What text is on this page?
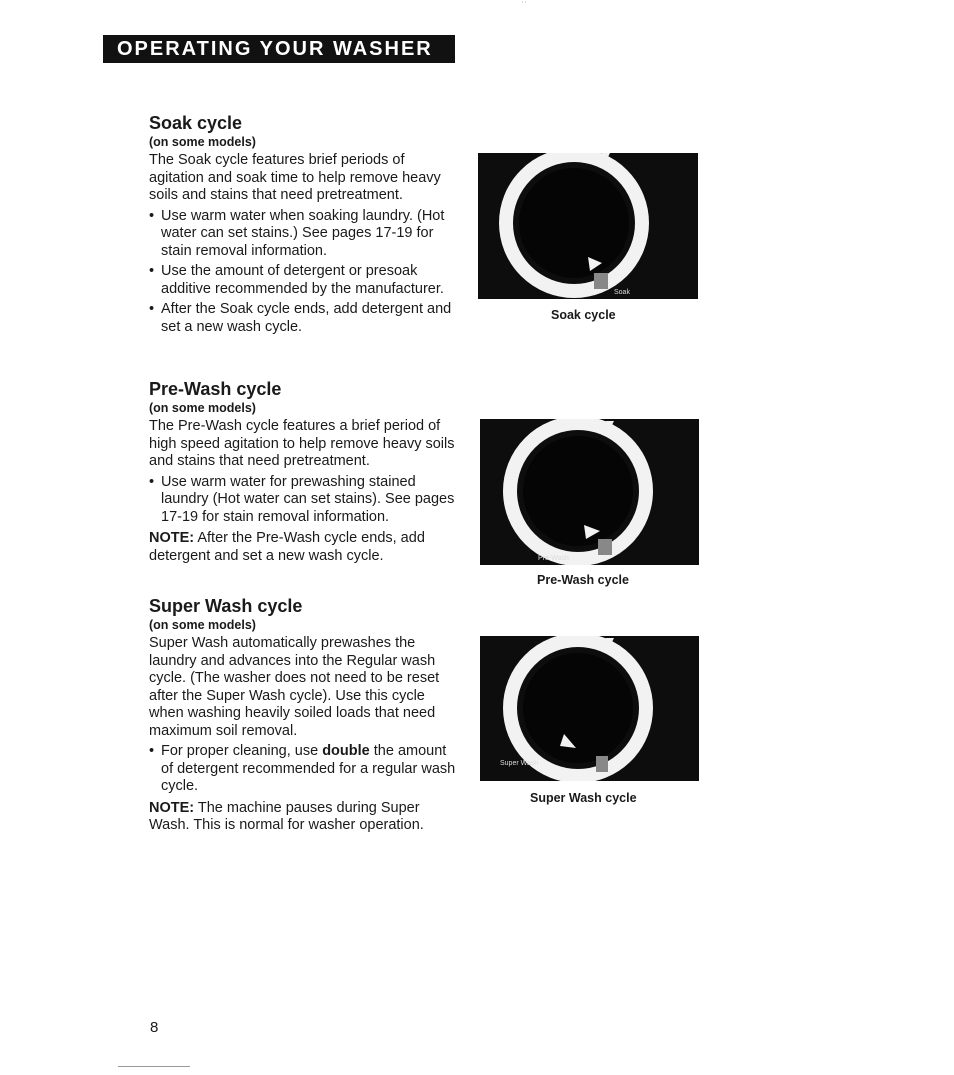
' '
OPERATING YOUR WASHER
Soak cycle
(on some models)

The Soak cycle features brief periods of agitation and soak time to help remove heavy soils and stains that need pretreatment.

• Use warm water when soaking laundry. (Hot water can set stains.) See pages 17-19 for stain removal information.
• Use the amount of detergent or presoak additive recommended by the manufacturer.
• After the Soak cycle ends, add detergent and set a new wash cycle.
Pre-Wash cycle
(on some models)

The Pre-Wash cycle features a brief period of high speed agitation to help remove heavy soils and stains that need pretreatment.

• Use warm water for prewashing stained laundry (Hot water can set stains). See pages 17-19 for stain removal information.

NOTE: After the Pre-Wash cycle ends, add detergent and set a new wash cycle.

Super Wash cycle
(on some models)

Super Wash automatically prewashes the laundry and advances into the Regular wash cycle. (The washer does not need to be reset after the Super Wash cycle). Use this cycle when washing heavily soiled loads that need maximum soil removal.

• For proper cleaning, use double the amount of detergent recommended for a regular wash cycle.

NOTE: The machine pauses during Super Wash. This is normal for washer operation.

Soak
Soak cycle
Pre-Wash
Pre-Wash cycle
Super Wash
Super Wash cycle
8
